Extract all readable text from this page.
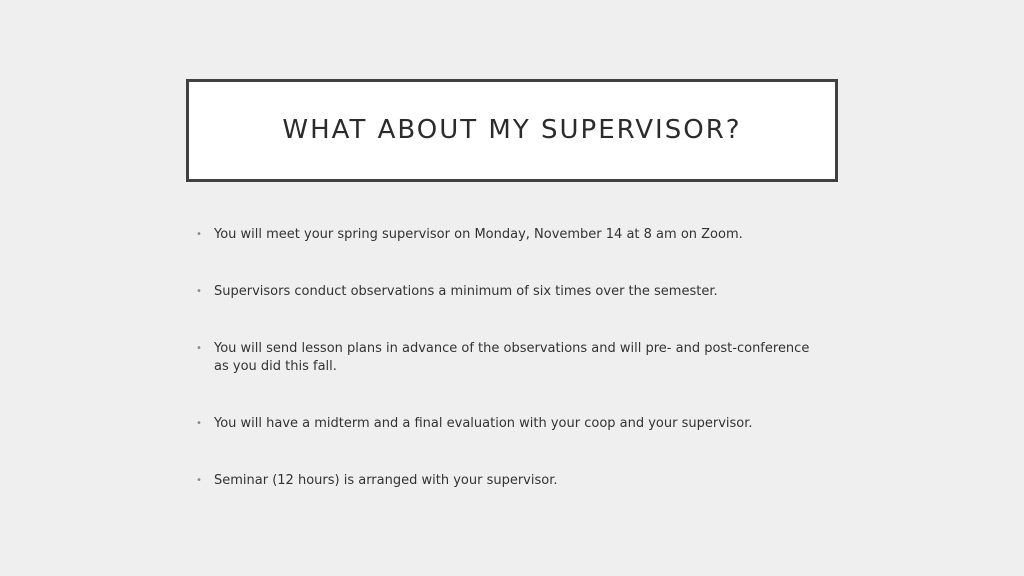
WHAT ABOUT MY SUPERVISOR?
• You will meet your spring supervisor on Monday, November 14 at 8 am on Zoom.
• Supervisors conduct observations a minimum of six times over the semester.
• You will send lesson plans in advance of the observations and will pre- and post-conference as you did this fall.
• You will have a midterm and a final evaluation with your coop and your supervisor.
• Seminar (12 hours) is arranged with your supervisor.
